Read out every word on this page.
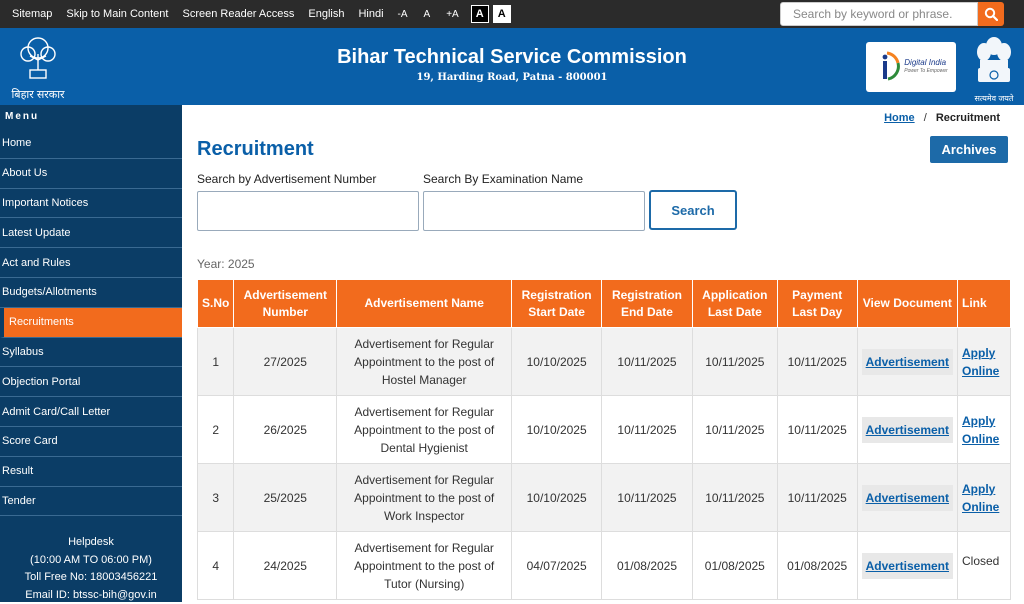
Sitemap Skip to Main Content Screen Reader Access English Hindi -A A +A	A	A
Search by keyword or phrase.
बिहार सरकार
Bihar Technical Service Commission
19, Harding Road, Patna - 800001
Digital India
Power To Empower
सत्यमेव जयते
Menu
Home
About Us
Important Notices
Latest Update
Act and Rules
Budgets/Allotments
Recruitments
Syllabus
Objection Portal
Admit Card/Call Letter
Score Card
Result
Tender
Helpdesk
(10:00 AM TO 06:00 PM)
Toll Free No: 18003456221
Email ID: btssc-bih@gov.in
Home / Recruitment
Recruitment	Archives
Search by Advertisement Number	Search By Examination Name
Search
Year: 2025
S.No	Advertisement Number	Advertisement Name	Registration Start Date	Registration End Date	Application Last Date	Payment Last Day	View Document	Link
1	27/2025	Advertisement for Regular Appointment to the post of Hostel Manager	10/10/2025	10/11/2025	10/11/2025	10/11/2025	Advertisement	Apply Online
2	26/2025	Advertisement for Regular Appointment to the post of Dental Hygienist	10/10/2025	10/11/2025	10/11/2025	10/11/2025	Advertisement	Apply Online
3	25/2025	Advertisement for Regular Appointment to the post of Work Inspector	10/10/2025	10/11/2025	10/11/2025	10/11/2025	Advertisement	Apply Online
4	24/2025	Advertisement for Regular Appointment to the post of Tutor (Nursing)	04/07/2025	01/08/2025	01/08/2025	01/08/2025	Advertisement	Closed
